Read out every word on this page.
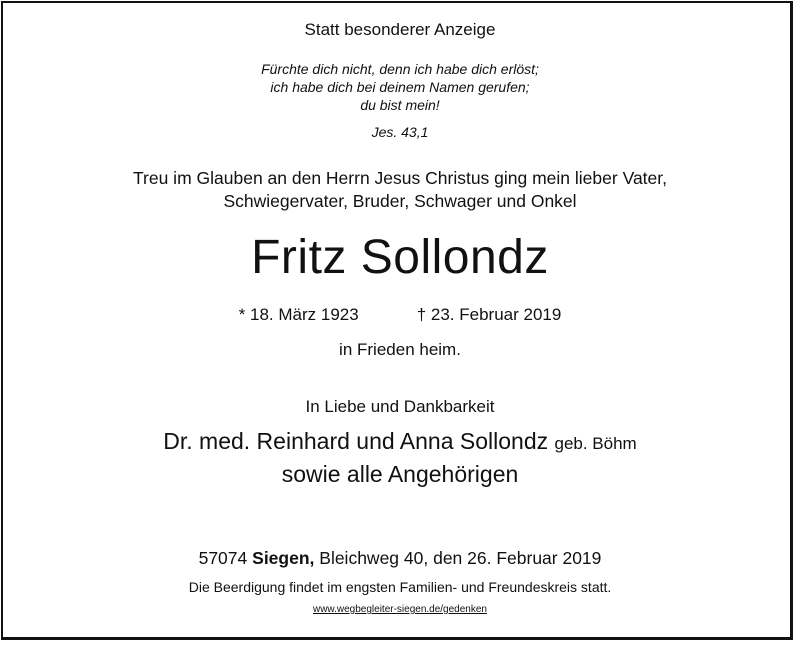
Statt besonderer Anzeige
Fürchte dich nicht, denn ich habe dich erlöst;
ich habe dich bei deinem Namen gerufen;
du bist mein!
Jes. 43,1
Treu im Glauben an den Herrn Jesus Christus ging mein lieber Vater,
Schwiegervater, Bruder, Schwager und Onkel
Fritz Sollondz
* 18. März 1923	† 23. Februar 2019
in Frieden heim.
In Liebe und Dankbarkeit
Dr. med. Reinhard und Anna Sollondz geb. Böhm
sowie alle Angehörigen
57074 Siegen, Bleichweg 40, den 26. Februar 2019
Die Beerdigung findet im engsten Familien- und Freundeskreis statt.
www.wegbegleiter-siegen.de/gedenken
